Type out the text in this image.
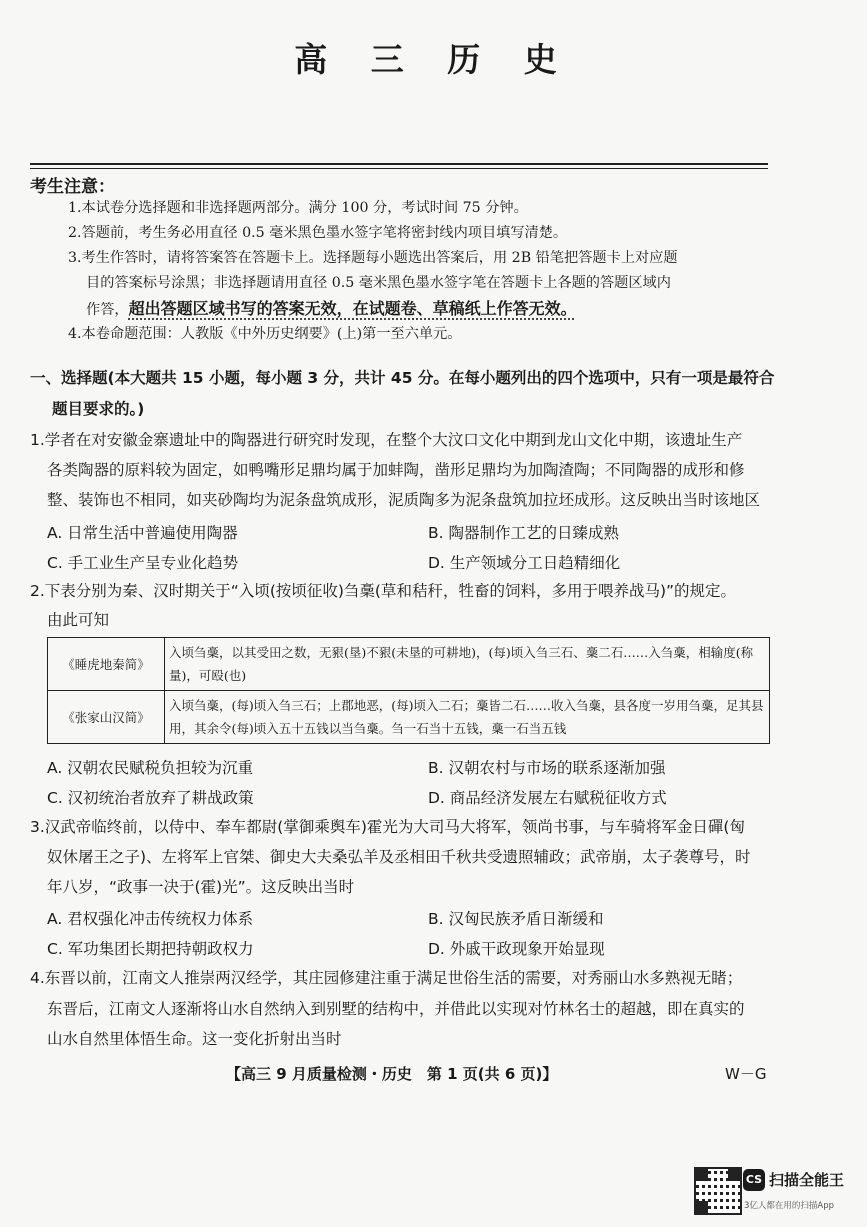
高 三 历 史
考生注意：
1.本试卷分选择题和非选择题两部分。满分 100 分，考试时间 75 分钟。
2.答题前，考生务必用直径 0.5 毫米黑色墨水签字笔将密封线内项目填写清楚。
3.考生作答时，请将答案答在答题卡上。选择题每小题选出答案后，用 2B 铅笔把答题卡上对应题
目的答案标号涂黑；非选择题请用直径 0.5 毫米黑色墨水签字笔在答题卡上各题的答题区域内
作答，超出答题区域书写的答案无效，在试题卷、草稿纸上作答无效。
4.本卷命题范围：人教版《中外历史纲要》(上)第一至六单元。
一、选择题(本大题共 15 小题，每小题 3 分，共计 45 分。在每小题列出的四个选项中，只有一项是最符合
题目要求的。)
1.学者在对安徽金寨遗址中的陶器进行研究时发现，在整个大汶口文化中期到龙山文化中期，该遗址生产
各类陶器的原料较为固定，如鸭嘴形足鼎均属于加蚌陶，凿形足鼎均为加陶渣陶；不同陶器的成形和修
整、装饰也不相同，如夹砂陶均为泥条盘筑成形，泥质陶多为泥条盘筑加拉坯成形。这反映出当时该地区
A. 日常生活中普遍使用陶器	B. 陶器制作工艺的日臻成熟
C. 手工业生产呈专业化趋势	D. 生产领域分工日趋精细化
2.下表分别为秦、汉时期关于“入顷(按顷征收)刍稾(草和秸秆，牲畜的饲料，多用于喂养战马)”的规定。
由此可知
《睡虎地秦简》	入顷刍稾，以其受田之数，无豤(垦)不豤(未垦的可耕地)，(每)顷入刍三石、稾二石……入刍稾，相输度(称量)，可殴(也)
《张家山汉简》	入顷刍稾，(每)顷入刍三石；上郡地恶，(每)顷入二石；稾皆二石……收入刍稾，县各度一岁用刍稾，足其县用，其余令(每)顷入五十五钱以当刍稾。刍一石当十五钱，稾一石当五钱
A. 汉朝农民赋税负担较为沉重	B. 汉朝农村与市场的联系逐渐加强
C. 汉初统治者放弃了耕战政策	D. 商品经济发展左右赋税征收方式
3.汉武帝临终前，以侍中、奉车都尉(掌御乘舆车)霍光为大司马大将军，领尚书事，与车骑将军金日磾(匈
奴休屠王之子)、左将军上官桀、御史大夫桑弘羊及丞相田千秋共受遗照辅政；武帝崩，太子袭尊号，时
年八岁，“政事一决于(霍)光”。这反映出当时
A. 君权强化冲击传统权力体系	B. 汉匈民族矛盾日渐缓和
C. 军功集团长期把持朝政权力	D. 外戚干政现象开始显现
4.东晋以前，江南文人推崇两汉经学，其庄园修建注重于满足世俗生活的需要，对秀丽山水多熟视无睹；
东晋后，江南文人逐渐将山水自然纳入到别墅的结构中，并借此以实现对竹林名士的超越，即在真实的
山水自然里体悟生命。这一变化折射出当时
【高三 9 月质量检测・历史　第 1 页(共 6 页)】	W－G
CS 扫描全能王
3亿人都在用的扫描App
